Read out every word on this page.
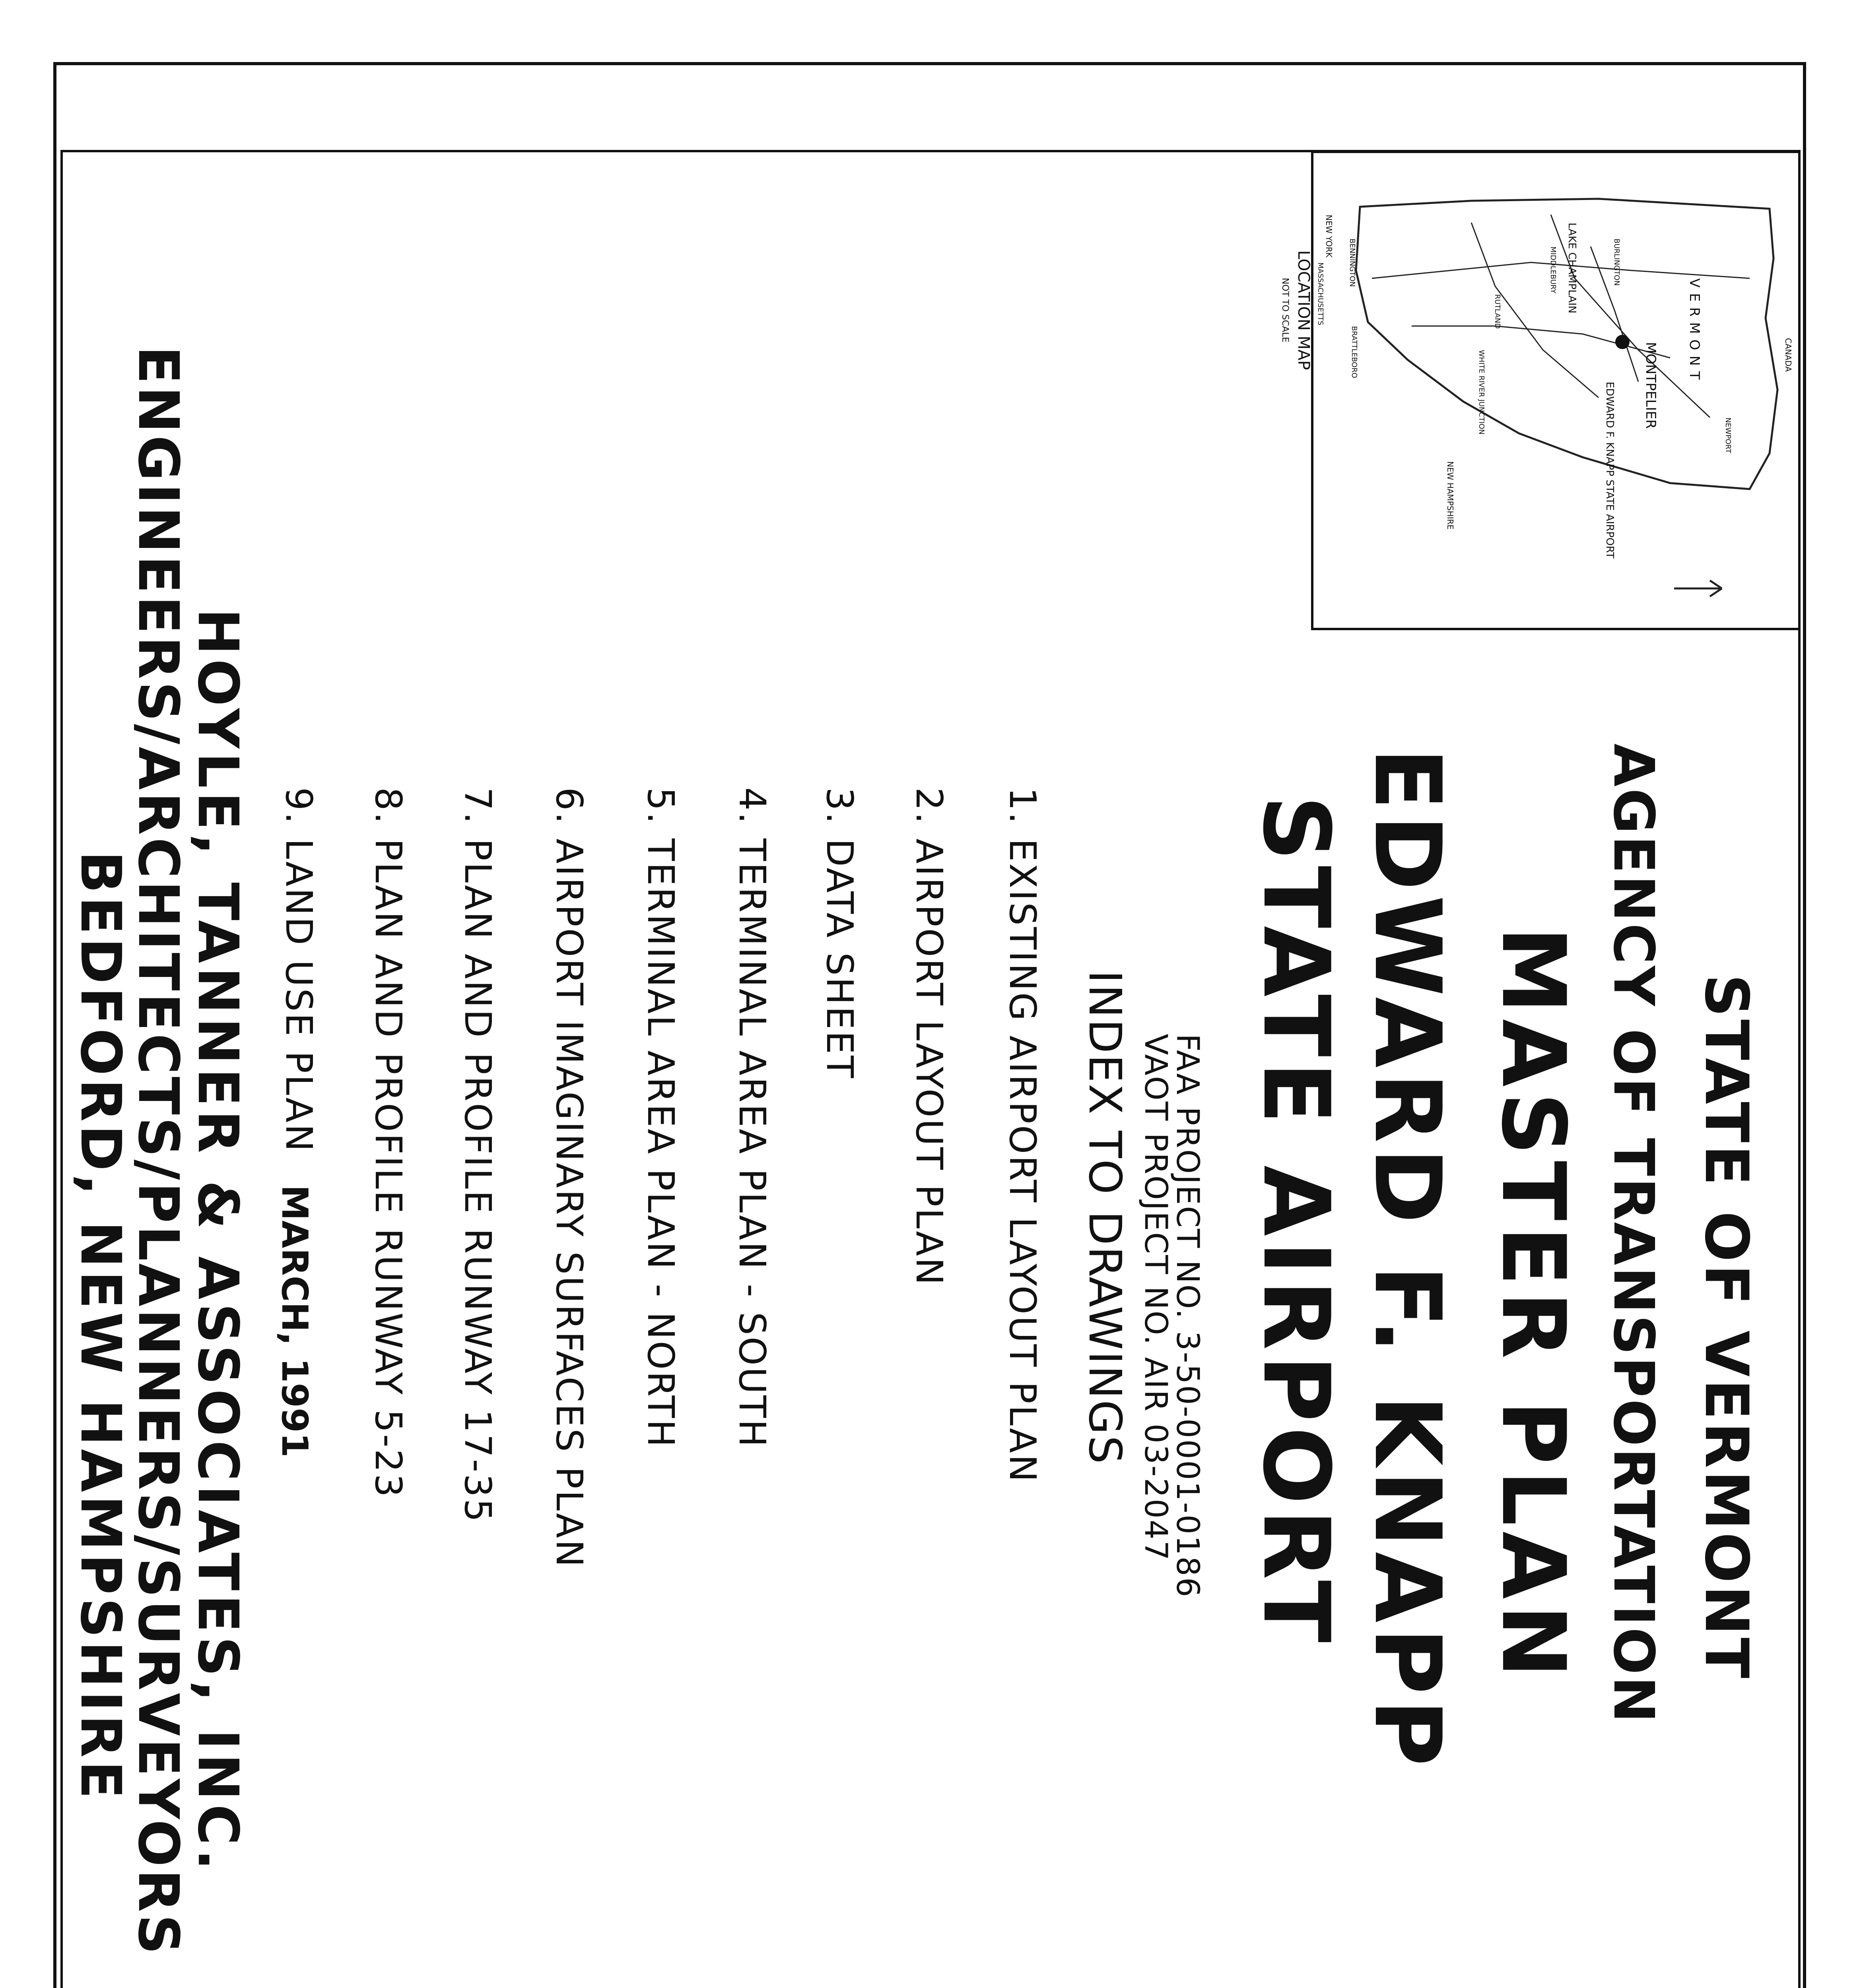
LOCATION MAP
NOT TO SCALE	LAKE CHAMPLAIN
VERMONT	CANADA
NEW YORK
NEW HAMPSHIRE
MASSACHUSETTS
MONTPELIER
BURLINGTON
RUTLAND
BENNINGTON
BRATTLEBORO	WHITE RIVER JUNCTION
MIDDLEBURY
NEWPORT
EDWARD F. KNAPP STATE AIRPORT
STATE OF VERMONT
AGENCY OF TRANSPORTATION
MASTER PLAN
EDWARD F. KNAPP
STATE AIRPORT
FAA PROJECT NO. 3-50-0001-0186
VAOT PROJECT NO. AIR 03-2047
INDEX TO DRAWINGS
1. EXISTING AIRPORT LAYOUT PLAN
2. AIRPORT LAYOUT PLAN
3. DATA SHEET
4. TERMINAL AREA PLAN - SOUTH
5. TERMINAL AREA PLAN - NORTH
6. AIRPORT IMAGINARY SURFACES PLAN
7. PLAN AND PROFILE RUNWAY 17-35
8. PLAN AND PROFILE RUNWAY 5-23
9. LAND USE PLAN
MARCH, 1991
HOYLE, TANNER & ASSOCIATES, INC.
ENGINEERS/ARCHITECTS/PLANNERS/SURVEYORS
BEDFORD, NEW HAMPSHIRE
